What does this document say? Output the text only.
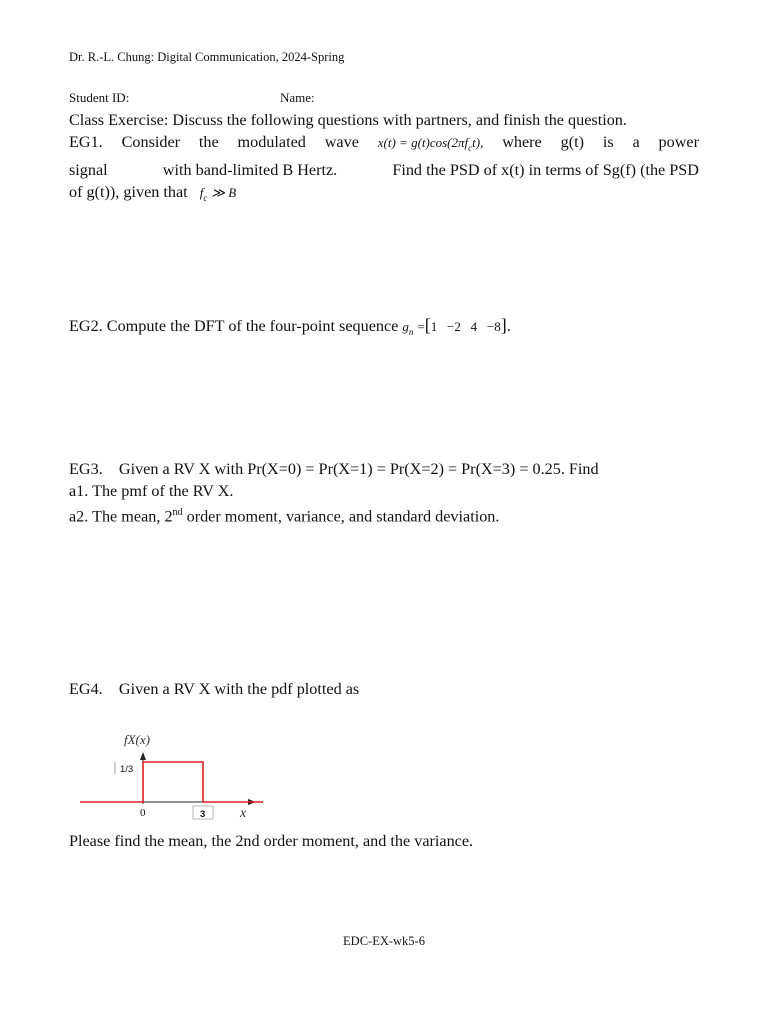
Dr. R.-L. Chung: Digital Communication, 2024-Spring
Student ID:	Name:
Class Exercise: Discuss the following questions with partners, and finish the question.
EG1. Consider the modulated wave $x(t) = g(t)\cos(2\pi f_ct)$, where g(t) is a power
signal	with band-limited B Hertz.	Find the PSD of x(t) in terms of Sg(f) (the PSD
of g(t)), given that $f_c$ ≫ B
EG2. Compute the DFT of the four-point sequence $g_n =[1 -2$   4   −8].
EG3.    Given a RV X with Pr(X=0) = Pr(X=1) = Pr(X=2) = Pr(X=3) = 0.25. Find
a1. The pmf of the RV X.
a2. The mean, 2nd order moment, variance, and standard deviation.
EG4.    Given a RV X with the pdf plotted as
fX(x)
1/3
0	3 x
Please find the mean, the 2nd order moment, and the variance.
EDC-EX-wk5-6
